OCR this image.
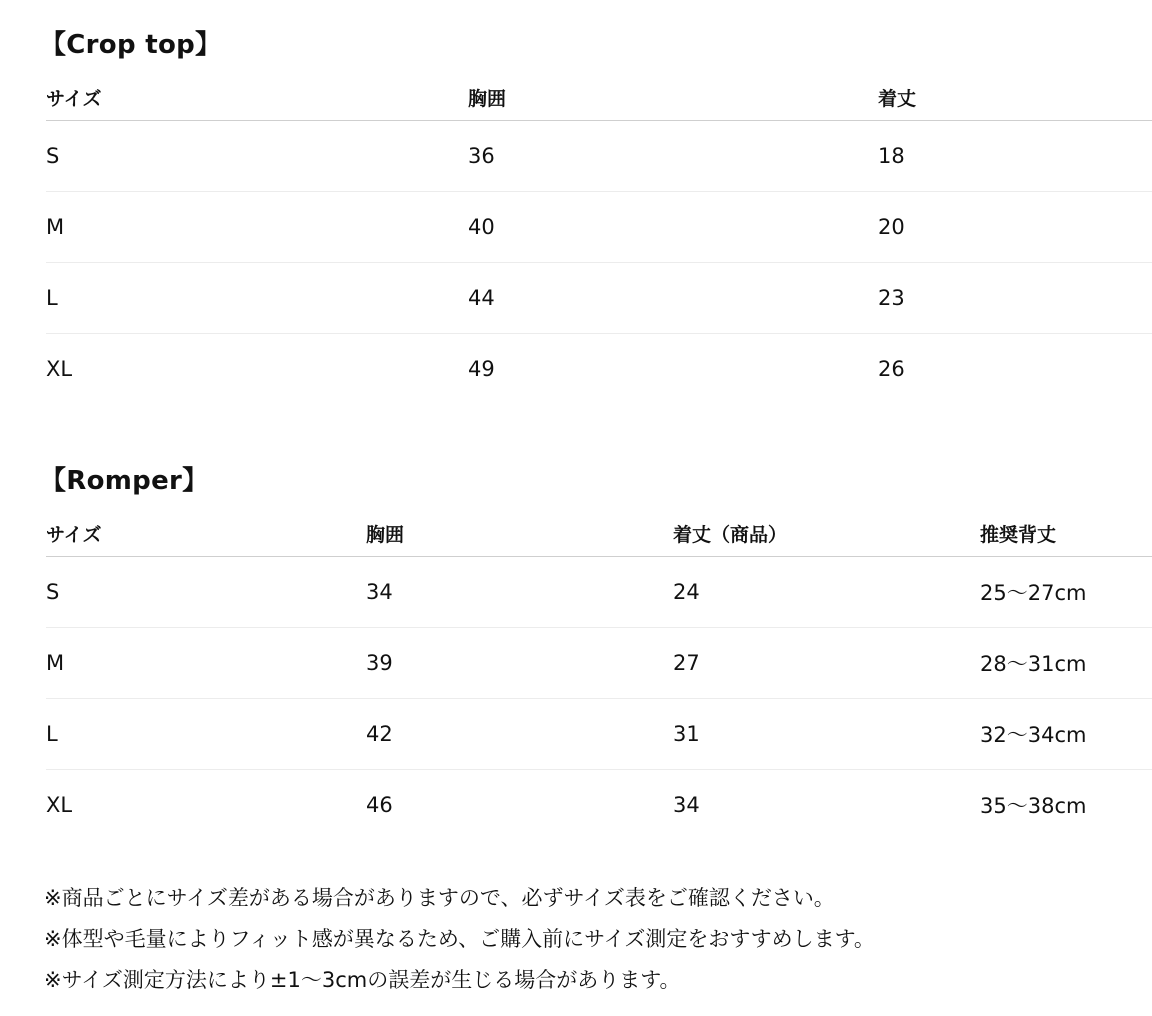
【Crop top】
サイズ	胸囲	着丈
S	36	18
M	40	20
L	44	23
XL	49	26
【Romper】
サイズ	胸囲	着丈（商品）	推奨背丈
S	34	24	25～27cm
M	39	27	28～31cm
L	42	31	32～34cm
XL	46	34	35～38cm
※商品ごとにサイズ差がある場合がありますので、必ずサイズ表をご確認ください。
※体型や毛量によりフィット感が異なるため、ご購入前にサイズ測定をおすすめします。
※サイズ測定方法により±1～3cmの誤差が生じる場合があります。
